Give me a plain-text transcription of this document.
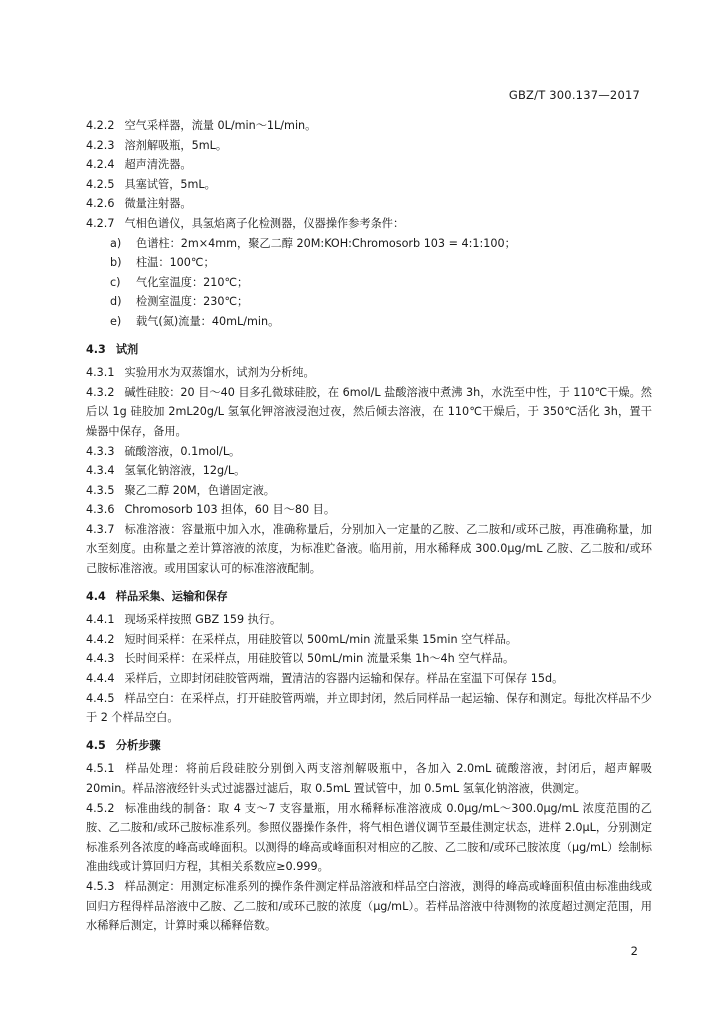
GBZ/T 300.137—2017
4.2.2 空气采样器，流量 0L/min～1L/min。
4.2.3 溶剂解吸瓶，5mL。
4.2.4 超声清洗器。
4.2.5 具塞试管，5mL。
4.2.6 微量注射器。
4.2.7 气相色谱仪，具氢焰离子化检测器，仪器操作参考条件：
a) 色谱柱：2m×4mm，聚乙二醇 20M:KOH:Chromosorb 103 = 4:1:100；
b) 柱温：100℃；
c) 气化室温度：210℃；
d) 检测室温度：230℃；
e) 载气(氮)流量：40mL/min。
4.3 试剂
4.3.1 实验用水为双蒸馏水，试剂为分析纯。
4.3.2 碱性硅胶：20 目～40 目多孔微球硅胶，在 6mol/L 盐酸溶液中煮沸 3h，水洗至中性，于 110℃干燥。然后以 1g 硅胶加 2mL20g/L 氢氧化钾溶液浸泡过夜，然后倾去溶液，在 110℃干燥后，于 350℃活化 3h，置干燥器中保存，备用。
4.3.3 硫酸溶液，0.1mol/L。
4.3.4 氢氧化钠溶液，12g/L。
4.3.5 聚乙二醇 20M，色谱固定液。
4.3.6 Chromosorb 103 担体，60 目～80 目。
4.3.7 标准溶液：容量瓶中加入水，准确称量后，分别加入一定量的乙胺、乙二胺和/或环己胺，再准确称量，加水至刻度。由称量之差计算溶液的浓度，为标准贮备液。临用前，用水稀释成 300.0μg/mL 乙胺、乙二胺和/或环己胺标准溶液。或用国家认可的标准溶液配制。
4.4 样品采集、运输和保存
4.4.1 现场采样按照 GBZ 159 执行。
4.4.2 短时间采样：在采样点，用硅胶管以 500mL/min 流量采集 15min 空气样品。
4.4.3 长时间采样：在采样点，用硅胶管以 50mL/min 流量采集 1h～4h 空气样品。
4.4.4 采样后，立即封闭硅胶管两端，置清洁的容器内运输和保存。样品在室温下可保存 15d。
4.4.5 样品空白：在采样点，打开硅胶管两端，并立即封闭，然后同样品一起运输、保存和测定。每批次样品不少于 2 个样品空白。
4.5 分析步骤
4.5.1 样品处理：将前后段硅胶分别倒入两支溶剂解吸瓶中，各加入 2.0mL 硫酸溶液，封闭后，超声解吸 20min。样品溶液经针头式过滤器过滤后，取 0.5mL 置试管中，加 0.5mL 氢氧化钠溶液，供测定。
4.5.2 标准曲线的制备：取 4 支～7 支容量瓶，用水稀释标准溶液成 0.0μg/mL～300.0μg/mL 浓度范围的乙胺、乙二胺和/或环己胺标准系列。参照仪器操作条件，将气相色谱仪调节至最佳测定状态，进样 2.0μL，分别测定标准系列各浓度的峰高或峰面积。以测得的峰高或峰面积对相应的乙胺、乙二胺和/或环己胺浓度（μg/mL）绘制标准曲线或计算回归方程，其相关系数应≥0.999。
4.5.3 样品测定：用测定标准系列的操作条件测定样品溶液和样品空白溶液，测得的峰高或峰面积值由标准曲线或回归方程得样品溶液中乙胺、乙二胺和/或环己胺的浓度（μg/mL）。若样品溶液中待测物的浓度超过测定范围，用水稀释后测定，计算时乘以稀释倍数。
2
